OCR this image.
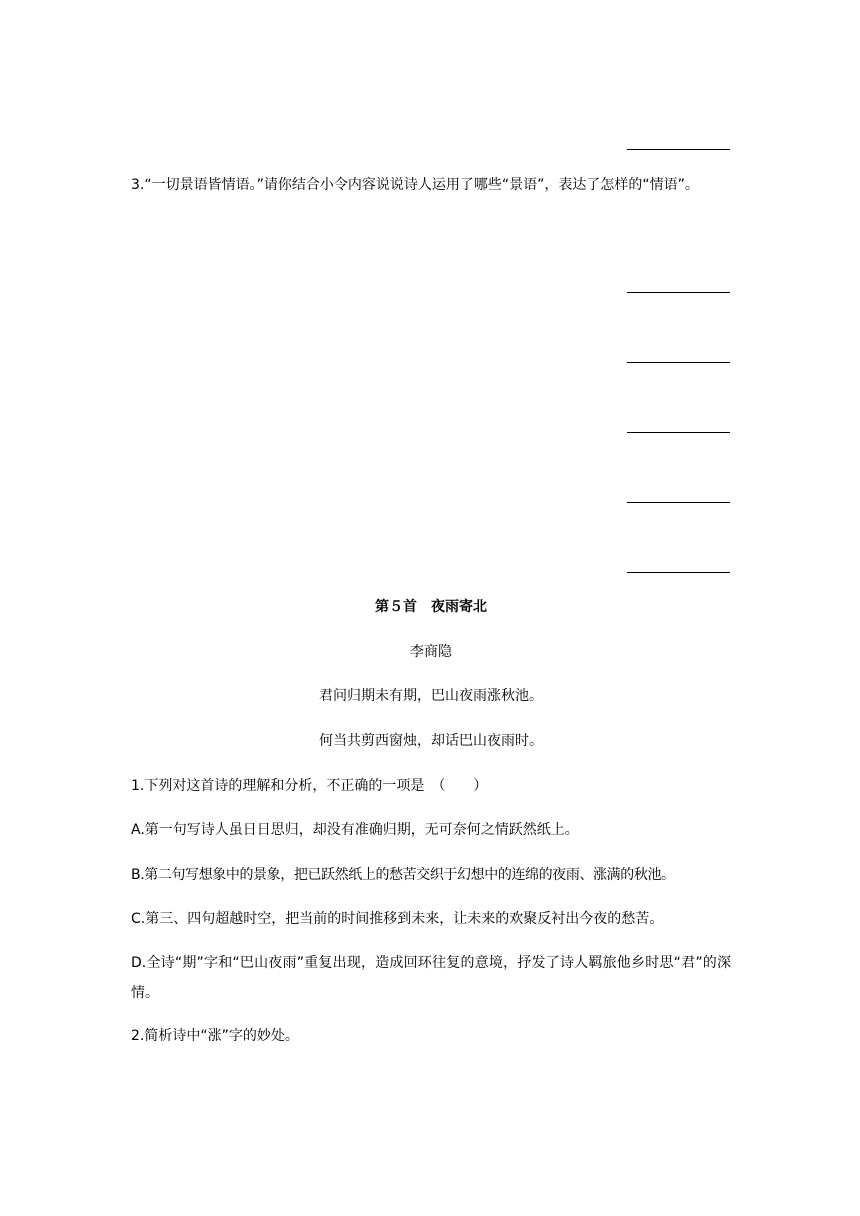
3.“一切景语皆情语。”请你结合小令内容说说诗人运用了哪些“景语”，表达了怎样的“情语”。

第５首　夜雨寄北

李商隐

君问归期未有期，巴山夜雨涨秋池。

何当共剪西窗烛，却话巴山夜雨时。

1.下列对这首诗的理解和分析，不正确的一项是　（　　）

A.第一句写诗人虽日日思归，却没有准确归期，无可奈何之情跃然纸上。

B.第二句写想象中的景象，把已跃然纸上的愁苦交织于幻想中的连绵的夜雨、涨满的秋池。

C.第三、四句超越时空，把当前的时间推移到未来，让未来的欢聚反衬出今夜的愁苦。

D.全诗“期”字和“巴山夜雨”重复出现，造成回环往复的意境，抒发了诗人羁旅他乡时思“君”的深情。

2.简析诗中“涨”字的妙处。
